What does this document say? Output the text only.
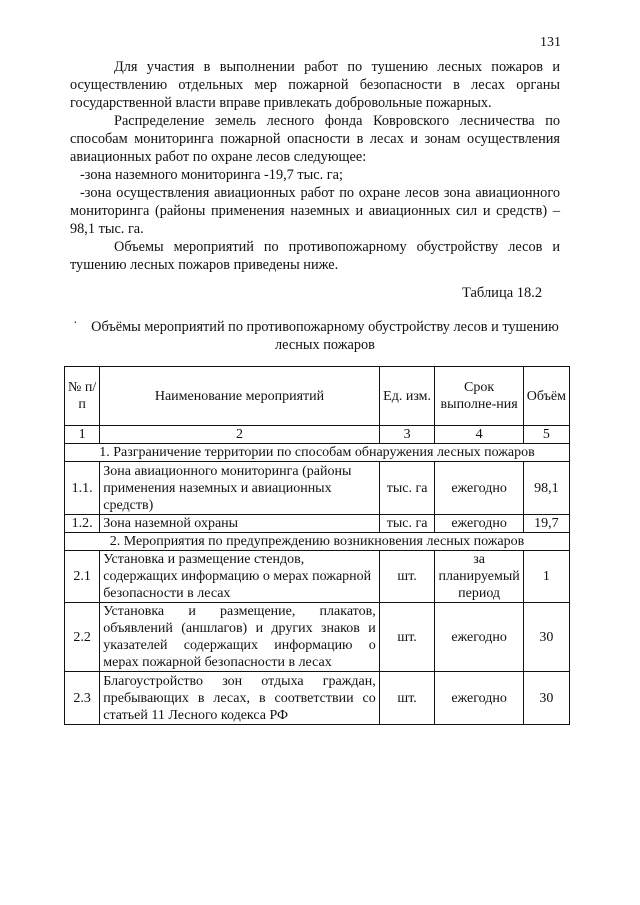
131

Для участия в выполнении работ по тушению лесных пожаров и осуществлению отдельных мер пожарной безопасности в лесах органы государственной власти вправе привлекать добровольные пожарных.

Распределение земель лесного фонда Ковровского лесничества по способам мониторинга пожарной опасности в лесах и зонам осуществления авиационных работ по охране лесов следующее:

-зона наземного мониторинга -19,7 тыс. га;

-зона осуществления авиационных работ по охране лесов зона авиационного мониторинга (районы применения наземных и авиационных сил и средств) – 98,1 тыс. га.

Объемы мероприятий по противопожарному обустройству лесов и тушению лесных пожаров приведены ниже.

Таблица 18.2
· Объёмы мероприятий по противопожарному обустройству лесов и тушению лесных пожаров
№ п/п	Наименование мероприятий	Ед. изм.	Срок выполне-ния	Объём
1	2	3	4	5
1. Разграничение территории по способам обнаружения лесных пожаров				
1.1.	Зона авиационного мониторинга (районы применения наземных и авиационных средств)	тыс. га	ежегодно	98,1
1.2.	Зона наземной охраны	тыс. га	ежегодно	19,7
2. Мероприятия по предупреждению возникновения лесных пожаров				
2.1	Установка и размещение стендов, содержащих информацию о мерах пожарной безопасности в лесах	шт.	за планируемый период	1
2.2	Установка и размещение, плакатов, объявлений (аншлагов) и других знаков и указателей содержащих информацию о мерах пожарной безопасности в лесах	шт.	ежегодно	30
2.3	Благоустройство зон отдыха граждан, пребывающих в лесах, в соответствии со статьей 11 Лесного кодекса РФ	шт.	ежегодно	30
